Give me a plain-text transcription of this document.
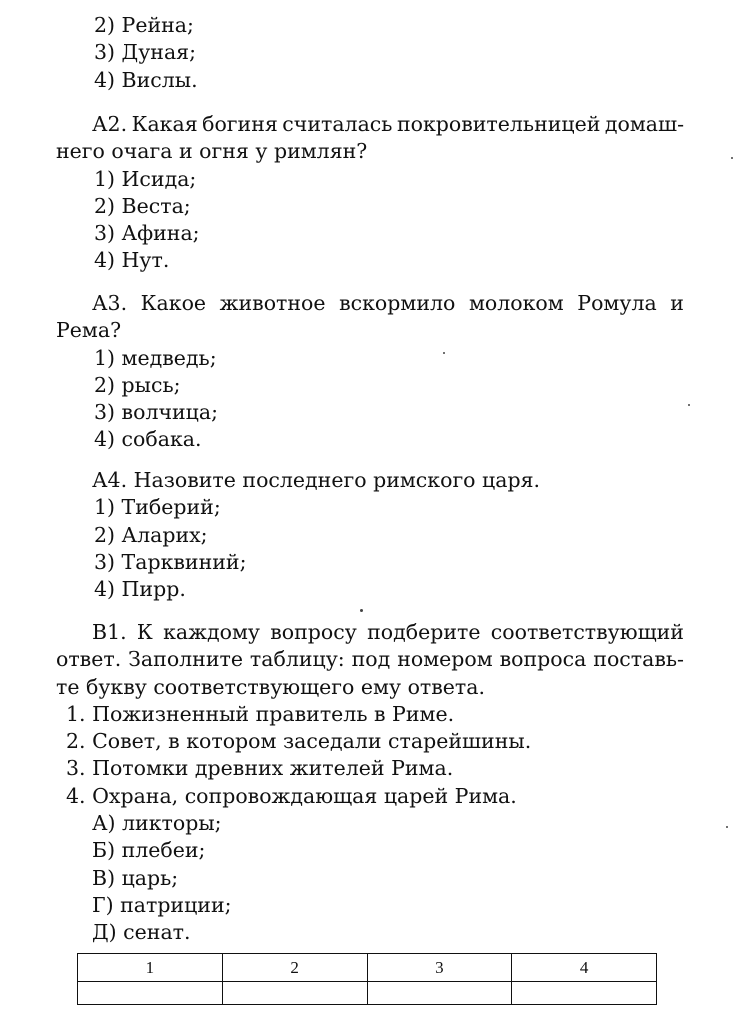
2) Рейна;
3) Дуная;
4) Вислы.
А2. Какая богиня считалась покровительницей домаш-
него очага и огня у римлян?
1) Исида;
2) Веста;
3) Афина;
4) Нут.
А3. Какое животное вскормило молоком Ромула и
Рема?
1) медведь;
2) рысь;
3) волчица;
4) собака.
А4. Назовите последнего римского царя.
1) Тиберий;
2) Аларих;
3) Тарквиний;
4) Пирр.
В1. К каждому вопросу подберите соответствующий
ответ. Заполните таблицу: под номером вопроса поставь-
те букву соответствующего ему ответа.
1. Пожизненный правитель в Риме.
2. Совет, в котором заседали старейшины.
3. Потомки древних жителей Рима.
4. Охрана, сопровождающая царей Рима.
А) ликторы;
Б) плебеи;
В) царь;
Г) патриции;
Д) сенат.
1	2	3	4
